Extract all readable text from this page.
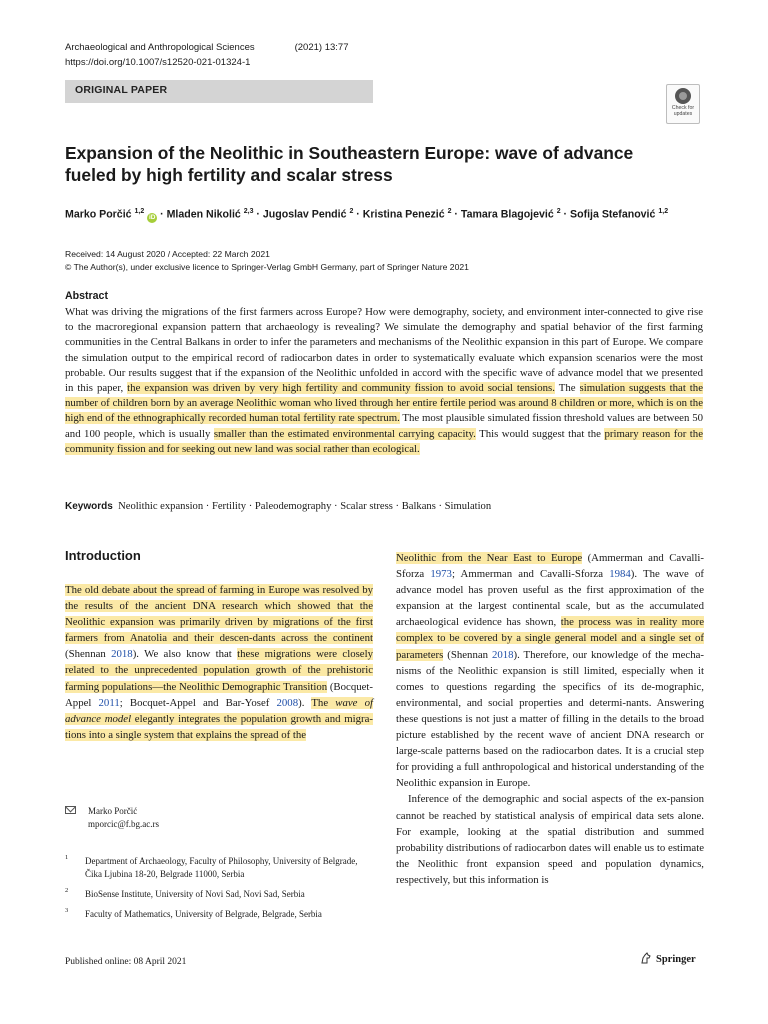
Archaeological and Anthropological Sciences	(2021) 13:77
https://doi.org/10.1007/s12520-021-01324-1
ORIGINAL PAPER
Check for
updates
Expansion of the Neolithic in Southeastern Europe: wave of advance fueled by high fertility and scalar stress
Marko Porčić $^{1,2}$ iD · Mladen Nikolić $^{2,3}$ · Jugoslav Pendić $^2$ · Kristina Penezić $^2$ · Tamara Blagojević $^2$ · Sofija Stefanović $^{1,2}$
Received: 14 August 2020 / Accepted: 22 March 2021
© The Author(s), under exclusive licence to Springer-Verlag GmbH Germany, part of Springer Nature 2021
Abstract
What was driving the migrations of the first farmers across Europe? How were demography, society, and environment inter-connected to give rise to the macroregional expansion pattern that archaeology is revealing? We simulate the demography and spatial behavior of the first farming communities in the Central Balkans in order to infer the parameters and mechanisms of the Neolithic expansion in this part of Europe. We compare the simulation output to the empirical record of radiocarbon dates in order to systematically evaluate which expansion scenarios were the most probable. Our results suggest that if the expansion of the Neolithic unfolded in accord with the specific wave of advance model that we presented in this paper, the expansion was driven by very high fertility and community fission to avoid social tensions. The simulation suggests that the number of children born by an average Neolithic woman who lived through her entire fertile period was around 8 children or more, which is on the high end of the ethnographically recorded human total fertility rate spectrum. The most plausible simulated fission threshold values are between 50 and 100 people, which is usually smaller than the estimated environmental carrying capacity. This would suggest that the primary reason for the community fission and for seeking out new land was social rather than ecological.
Keywords Neolithic expansion · Fertility · Paleodemography · Scalar stress · Balkans · Simulation
Introduction
The old debate about the spread of farming in Europe was resolved by the results of the ancient DNA research which showed that the Neolithic expansion was primarily driven by migrations of the first farmers from Anatolia and their descen-dants across the continent (Shennan 2018). We also know that these migrations were closely related to the unprecedented population growth of the prehistoric farming populations—the Neolithic Demographic Transition (Bocquet-Appel 2011; Bocquet-Appel and Bar-Yosef 2008). The wave of advance model elegantly integrates the population growth and migra-tions into a single system that explains the spread of the
Neolithic from the Near East to Europe (Ammerman and Cavalli-Sforza 1973; Ammerman and Cavalli-Sforza 1984). The wave of advance model has proven useful as the first approximation of the expansion at the largest continental scale, but as the accumulated archaeological evidence has shown, the process was in reality more complex to be covered by a single general model and a single set of parameters (Shennan 2018). Therefore, our knowledge of the mecha-nisms of the Neolithic expansion is still limited, especially when it comes to questions regarding the specifics of its de-mographic, environmental, and social properties and determi-nants. Answering these questions is not just a matter of filling in the details to the broad picture established by the recent wave of ancient DNA research or large-scale patterns based on the radiocarbon dates. It is a crucial step for providing a full anthropological and historical understanding of the Neolithic expansion in Europe.
Inference of the demographic and social aspects of the ex-pansion cannot be reached by statistical analysis of empirical data sets alone. For example, looking at the spatial distribution and summed probability distributions of radiocarbon dates will enable us to estimate the Neolithic front expansion speed and population dynamics, respectively, but this information is
Marko Porčić
mporcic@f.bg.ac.rs
1 Department of Archaeology, Faculty of Philosophy, University of Belgrade, Čika Ljubina 18-20, Belgrade 11000, Serbia
2 BioSense Institute, University of Novi Sad, Novi Sad, Serbia
3 Faculty of Mathematics, University of Belgrade, Belgrade, Serbia
Published online: 08 April 2021	Springer
